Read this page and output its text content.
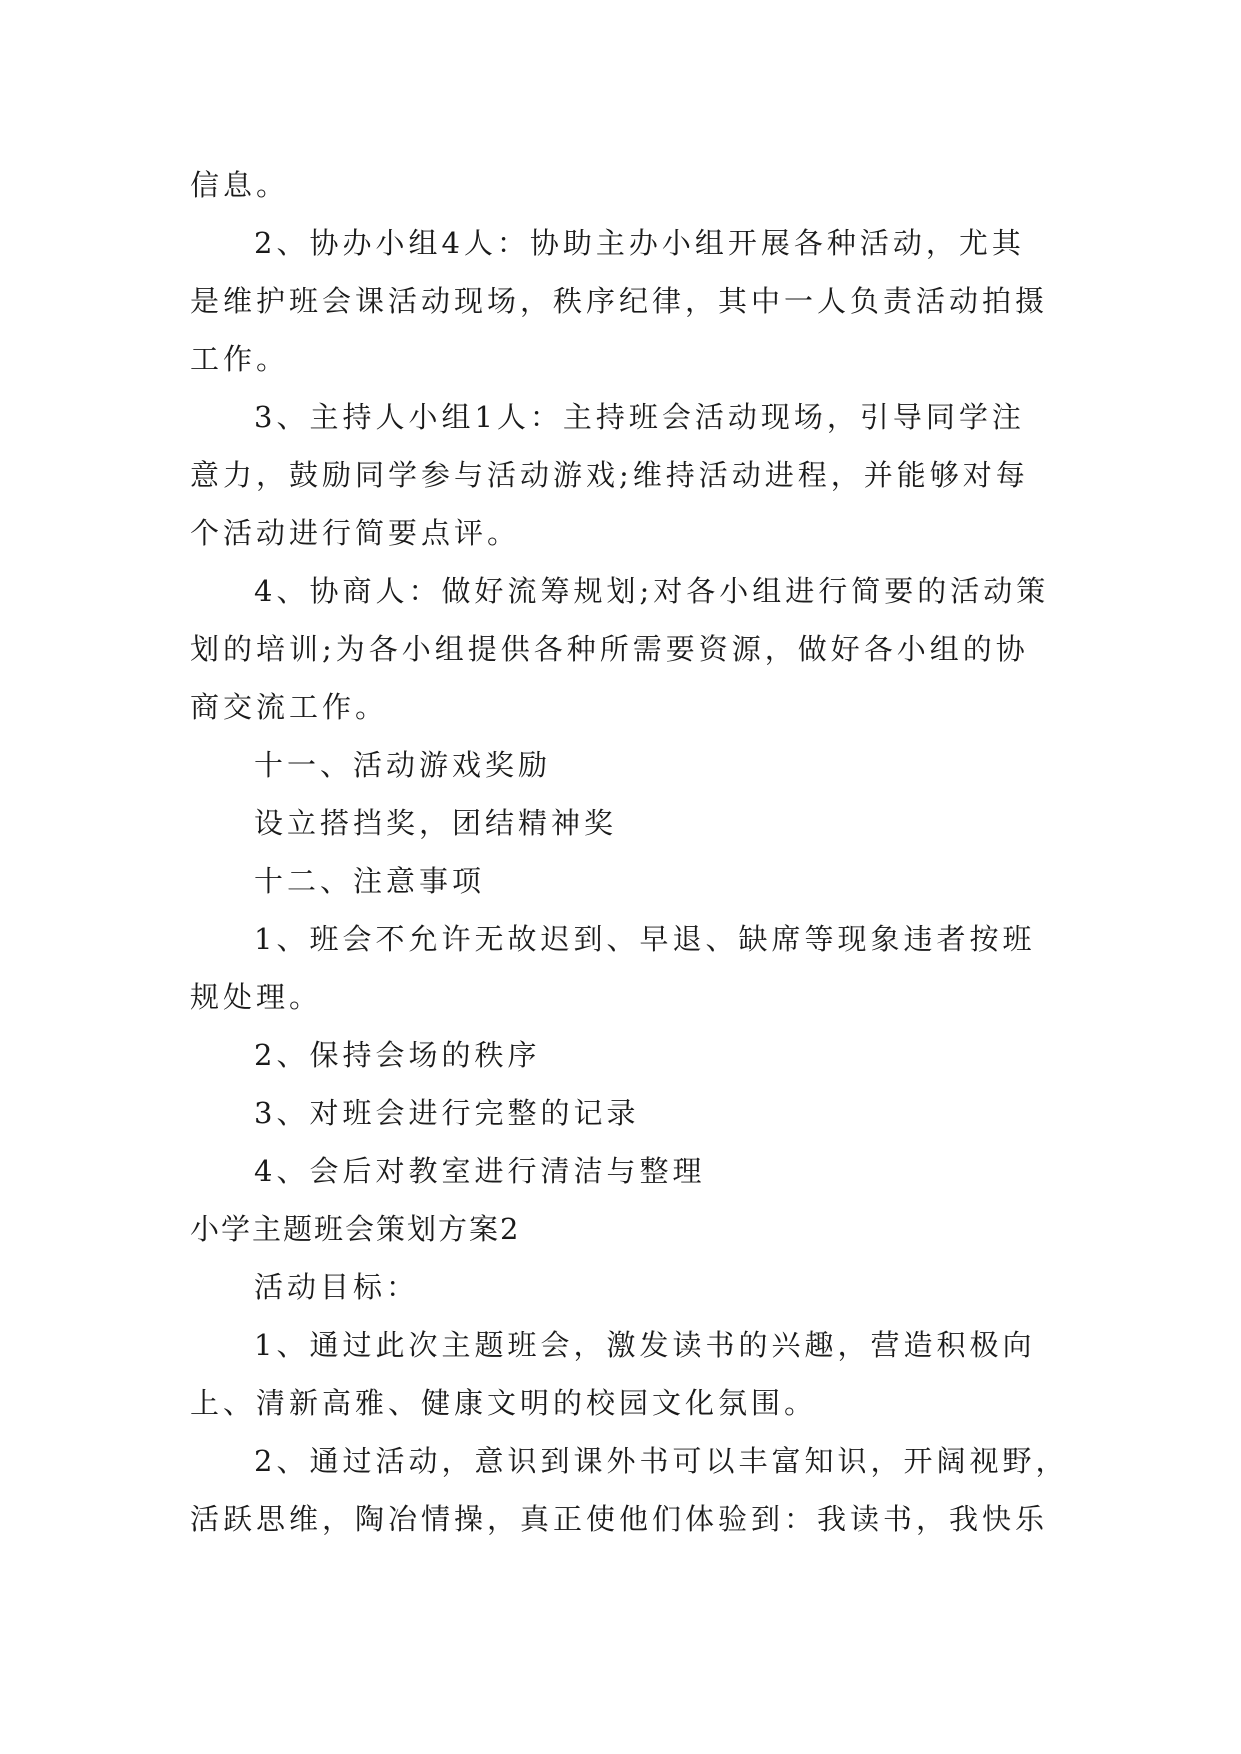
信息。
2、协办小组4人：协助主办小组开展各种活动，尤其
是维护班会课活动现场，秩序纪律，其中一人负责活动拍摄
工作。
3、主持人小组1人：主持班会活动现场，引导同学注
意力，鼓励同学参与活动游戏;维持活动进程，并能够对每
个活动进行简要点评。
4、协商人：做好流筹规划;对各小组进行简要的活动策
划的培训;为各小组提供各种所需要资源，做好各小组的协
商交流工作。
十一、活动游戏奖励
设立搭挡奖，团结精神奖
十二、注意事项
1、班会不允许无故迟到、早退、缺席等现象违者按班
规处理。
2、保持会场的秩序
3、对班会进行完整的记录
4、会后对教室进行清洁与整理
小学主题班会策划方案2
活动目标：
1、通过此次主题班会，激发读书的兴趣，营造积极向
上、清新高雅、健康文明的校园文化氛围。
2、通过活动，意识到课外书可以丰富知识，开阔视野，
活跃思维，陶冶情操，真正使他们体验到：我读书，我快乐
